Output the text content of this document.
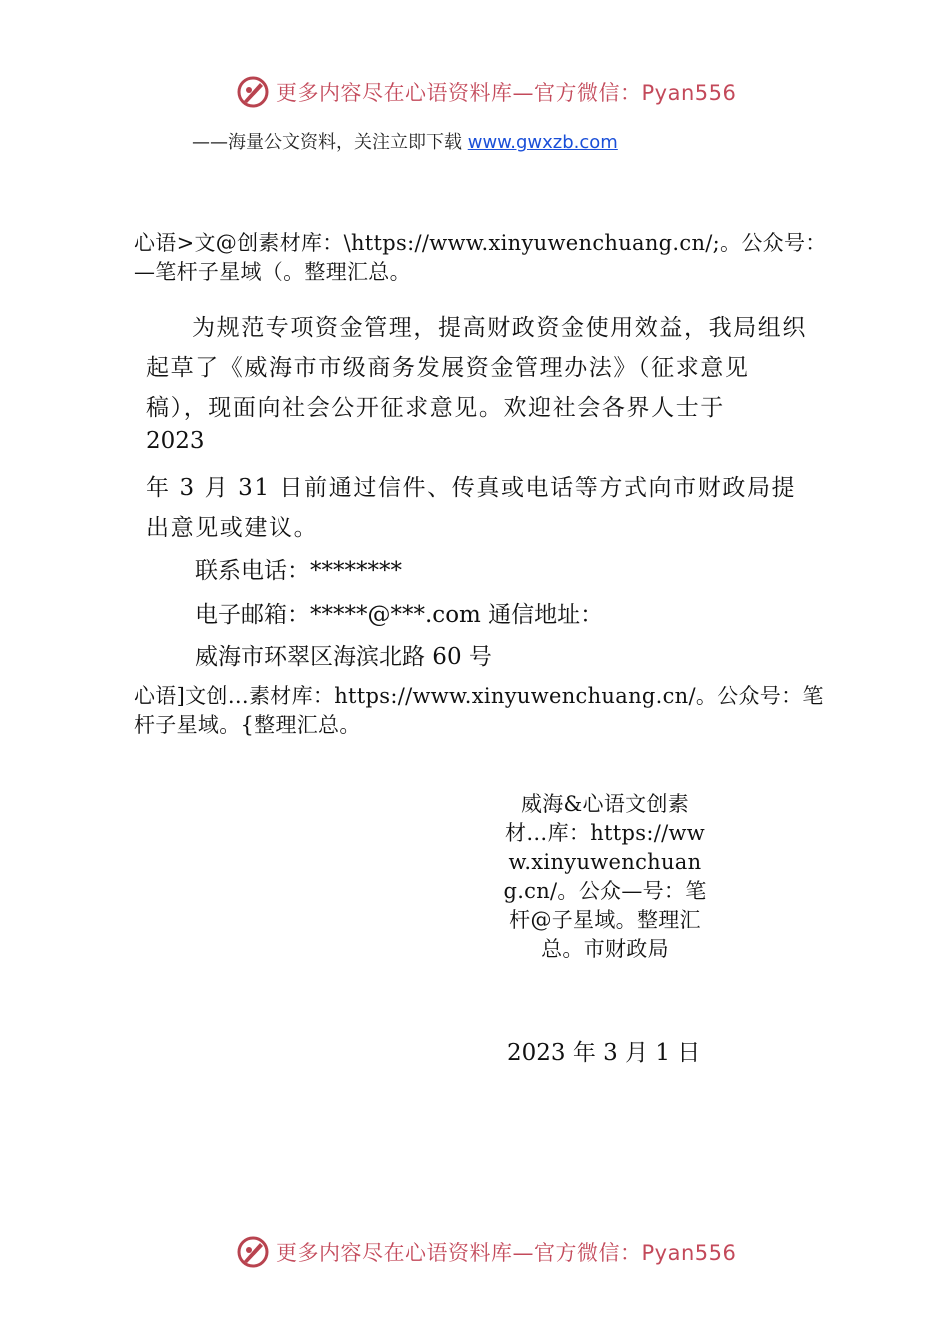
更多内容尽在心语资料库—官方微信：Pyan556
——海量公文资料，关注立即下载 www.gwxzb.com
心语>文@创素材库：\https://www.xinyuwenchuang.cn/;。公众号：—笔杆子星域（。整理汇总。
为规范专项资金管理，提高财政资金使用效益，我局组织起草了《威海市市级商务发展资金管理办法》（征求意见稿），现面向社会公开征求意见。欢迎社会各界人士于
2023
年 3 月 31 日前通过信件、传真或电话等方式向市财政局提出意见或建议。
联系电话：********
电子邮箱：*****@***.com 通信地址：
威海市环翠区海滨北路 60 号
心语]文创…素材库：https://www.xinyuwenchuang.cn/。公众号：笔杆子星域。{整理汇总。
威海&心语文创素材…库：https://www.xinyuwenchuang.cn/。公众—号：笔杆@子星域。整理汇总。市财政局
2023 年 3 月 1 日
更多内容尽在心语资料库—官方微信：Pyan556
